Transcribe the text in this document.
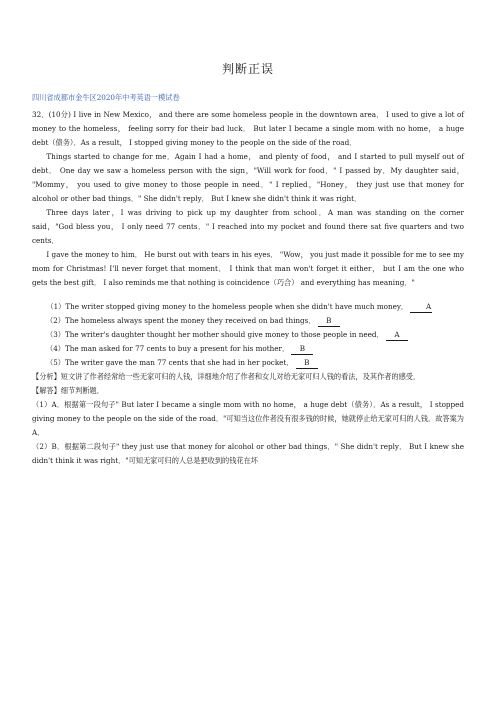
判断正误
四川省成都市金牛区2020年中考英语一模试卷

32．(10分) I live in New Mexico， and there are some homeless people in the downtown area． I used to give a lot of money to the homeless， feeling sorry for their bad luck． But later I became a single mom with no home， a huge debt（债务）．As a result， I stopped giving money to the people on the side of the road．

Things started to change for me．Again I had a home， and plenty of food， and I started to pull myself out of debt． One day we saw a homeless person with the sign，"Will work for food．" I passed by．My daughter said， "Mommy， you used to give money to those people in need．" I replied，"Honey， they just use that money for alcohol or other bad things．" She didn't reply． But I knew she didn't think it was right．

Three days later，I was driving to pick up my daughter from school．A man was standing on the corner said，"God bless you， I only need 77 cents．" I reached into my pocket and found there sat five quarters and two cents．

I gave the money to him． He burst out with tears in his eyes． "Wow， you just made it possible for me to see my mom for Christmas! I'll never forget that moment． I think that man won't forget it either， but I am the one who gets the best gift． I also reminds me that nothing is coincidence（巧合） and everything has meaning．"

（1）The writer stopped giving money to the homeless people when she didn't have much money． A

（2）The homeless always spent the money they received on bad things． B

（3）The writer's daughter thought her mother should give money to those people in need． A

（4）The man asked for 77 cents to buy a present for his mother． B

（5）The writer gave the man 77 cents that she had in her pocket． B

【分析】短文讲了作者经常给一些无家可归的人钱，详细地介绍了作者和女儿对给无家可归人钱的看法，及其作者的感受．

【解答】细节判断题．

（1）A．根据第一段句子" But later I became a single mom with no home， a huge debt（债务）．As a result， I stopped giving money to the people on the side of the road．"可知当这位作者没有很多钱的时候，她就停止给无家可归的人钱．故答案为A．

（2）B．根据第二段句子" they just use that money for alcohol or other bad things．" She didn't reply． But I knew she didn't think it was right．"可知无家可归的人总是把收到的钱花在坏
